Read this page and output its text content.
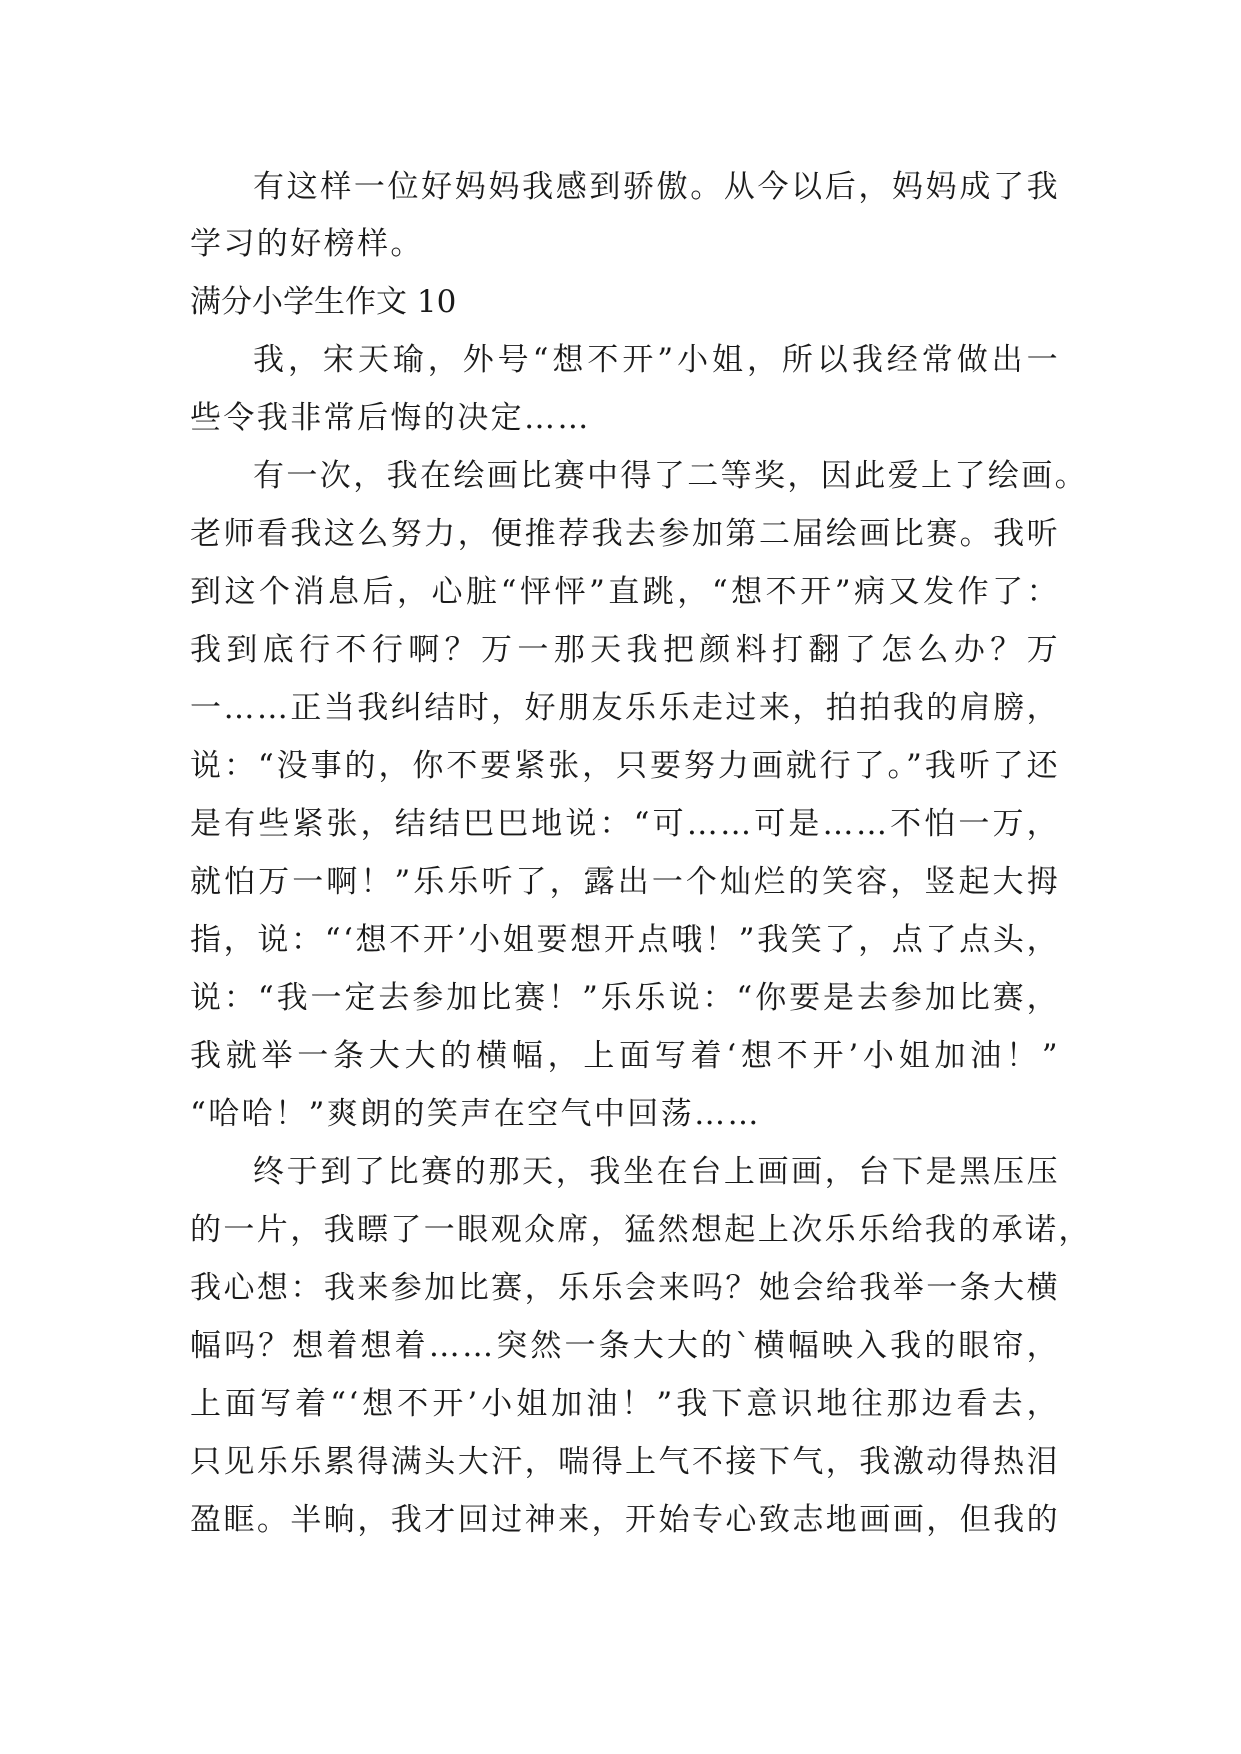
有这样一位好妈妈我感到骄傲。从今以后，妈妈成了我
学习的好榜样。
满分小学生作文 10
我，宋天瑜，外号“想不开”小姐，所以我经常做出一
些令我非常后悔的决定……
有一次，我在绘画比赛中得了二等奖，因此爱上了绘画。
老师看我这么努力，便推荐我去参加第二届绘画比赛。我听
到这个消息后，心脏“怦怦”直跳，“想不开”病又发作了：
我到底行不行啊？万一那天我把颜料打翻了怎么办？万
一……正当我纠结时，好朋友乐乐走过来，拍拍我的肩膀，
说：“没事的，你不要紧张，只要努力画就行了。”我听了还
是有些紧张，结结巴巴地说：“可……可是……不怕一万，
就怕万一啊！”乐乐听了，露出一个灿烂的笑容，竖起大拇
指，说：“‘想不开’小姐要想开点哦！”我笑了，点了点头，
说：“我一定去参加比赛！”乐乐说：“你要是去参加比赛，
我就举一条大大的横幅，上面写着‘想不开’小姐加油！”
“哈哈！”爽朗的笑声在空气中回荡……
终于到了比赛的那天，我坐在台上画画，台下是黑压压
的一片，我瞟了一眼观众席，猛然想起上次乐乐给我的承诺，
我心想：我来参加比赛，乐乐会来吗？她会给我举一条大横
幅吗？想着想着……突然一条大大的`横幅映入我的眼帘，
上面写着“‘想不开’小姐加油！”我下意识地往那边看去，
只见乐乐累得满头大汗，喘得上气不接下气，我激动得热泪
盈眶。半晌，我才回过神来，开始专心致志地画画，但我的
